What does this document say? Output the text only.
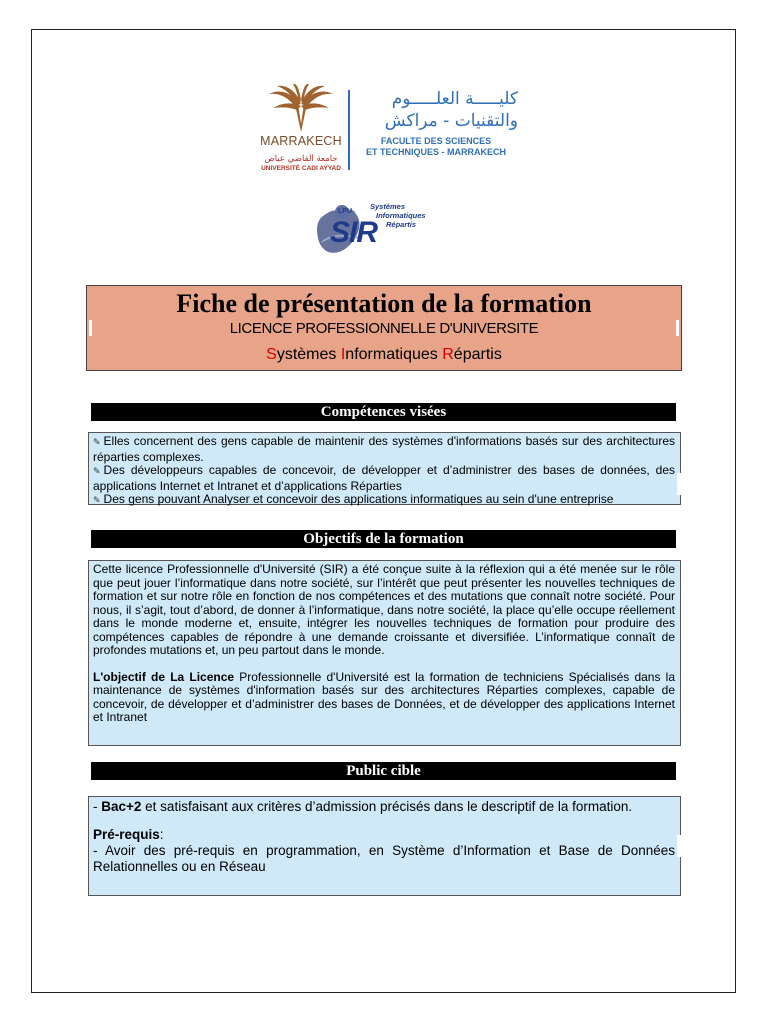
MARRAKECH
جامعة القاضي عياض
UNIVERSITÉ CADI AYYAD
كليـــــة العلـــــوم
والتقنيات - مراكش
FACULTE DES SCIENCES
ET TECHNIQUES - MARRAKECH
LPU
SIR
Systèmes
Informatiques
Répartis
Fiche de présentation de la formation
LICENCE PROFESSIONNELLE D'UNIVERSITE
Systèmes Informatiques Répartis
Compétences visées
✎ Elles concernent des gens capable de maintenir des systèmes d'informations basés sur des architectures réparties complexes.
✎ Des développeurs capables de concevoir, de développer et d’administrer des bases de données, des applications Internet et Intranet et d’applications Réparties
✎ Des gens pouvant Analyser et concevoir des applications informatiques au sein d'une entreprise
Objectifs de la formation
Cette licence Professionnelle d'Université (SIR) a été conçue suite à la réflexion qui a été menée sur le rôle que peut jouer l’informatique dans notre société, sur l’intérêt que peut présenter les nouvelles techniques de formation et sur notre rôle en fonction de nos compétences et des mutations que connaît notre société. Pour nous, il s’agit, tout d’abord, de donner à l’informatique, dans notre société, la place qu’elle occupe réellement dans le monde moderne et, ensuite, intégrer les nouvelles techniques de formation pour produire des compétences capables de répondre à une demande croissante et diversifiée. L’informatique connaît de profondes mutations et, un peu partout dans le monde.
L'objectif de La Licence Professionnelle d'Université est la formation de techniciens Spécialisés dans la maintenance de systèmes d'information basés sur des architectures Réparties complexes, capable de concevoir, de développer et d’administrer des bases de Données, et de développer des applications Internet et Intranet
Public cible
- Bac+2 et satisfaisant aux critères d’admission précisés dans le descriptif de la formation.
Pré-requis:
- Avoir des pré-requis en programmation, en Système d’Information et Base de Données Relationnelles ou en Réseau
